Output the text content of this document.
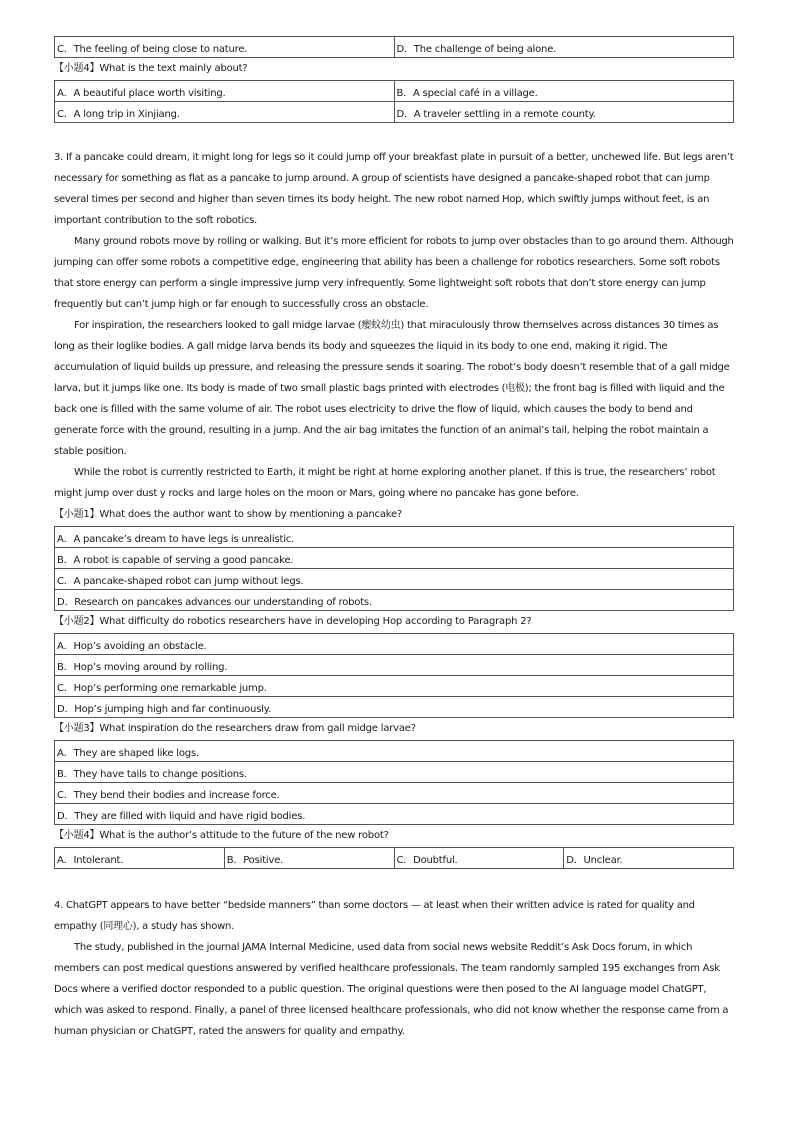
C．The feeling of being close to nature.	D．The challenge of being alone.
【小题4】What is the text mainly about?
A．A beautiful place worth visiting.	B．A special café in a village.
C．A long trip in Xinjiang.	D．A traveler settling in a remote county.

3. If a pancake could dream, it might long for legs so it could jump off your breakfast plate in pursuit of a better, unchewed life. But legs aren’t necessary for something as flat as a pancake to jump around. A group of scientists have designed a pancake-shaped robot that can jump several times per second and higher than seven times its body height. The new robot named Hop, which swiftly jumps without feet, is an important contribution to the soft robotics.

Many ground robots move by rolling or walking. But it’s more efficient for robots to jump over obstacles than to go around them. Although jumping can offer some robots a competitive edge, engineering that ability has been a challenge for robotics researchers. Some soft robots that store energy can perform a single impressive jump very infrequently. Some lightweight soft robots that don’t store energy can jump frequently but can’t jump high or far enough to successfully cross an obstacle.

For inspiration, the researchers looked to gall midge larvae (瘿蚊幼虫) that miraculously throw themselves across distances 30 times as long as their loglike bodies. A gall midge larva bends its body and squeezes the liquid in its body to one end, making it rigid. The accumulation of liquid builds up pressure, and releasing the pressure sends it soaring. The robot’s body doesn’t resemble that of a gall midge larva, but it jumps like one. Its body is made of two small plastic bags printed with electrodes (电极); the front bag is filled with liquid and the back one is filled with the same volume of air. The robot uses electricity to drive the flow of liquid, which causes the body to bend and generate force with the ground, resulting in a jump. And the air bag imitates the function of an animal’s tail, helping the robot maintain a stable position.

While the robot is currently restricted to Earth, it might be right at home exploring another planet. If this is true, the researchers’ robot might jump over dust y rocks and large holes on the moon or Mars, going where no pancake has gone before.

【小题1】What does the author want to show by mentioning a pancake?
A．A pancake’s dream to have legs is unrealistic.
B．A robot is capable of serving a good pancake.
C．A pancake-shaped robot can jump without legs.
D．Research on pancakes advances our understanding of robots.
【小题2】What difficulty do robotics researchers have in developing Hop according to Paragraph 2?
A．Hop’s avoiding an obstacle.
B．Hop’s moving around by rolling.
C．Hop’s performing one remarkable jump.
D．Hop’s jumping high and far continuously.
【小题3】What inspiration do the researchers draw from gall midge larvae?
A．They are shaped like logs.
B．They have tails to change positions.
C．They bend their bodies and increase force.
D．They are filled with liquid and have rigid bodies.
【小题4】What is the author’s attitude to the future of the new robot?
A．Intolerant.	B．Positive.	C．Doubtful.	D．Unclear.

4. ChatGPT appears to have better “bedside manners” than some doctors — at least when their written advice is rated for quality and empathy (同理心), a study has shown.

The study, published in the journal JAMA Internal Medicine, used data from social news website Reddit’s Ask Docs forum, in which members can post medical questions answered by verified healthcare professionals. The team randomly sampled 195 exchanges from Ask Docs where a verified doctor responded to a public question. The original questions were then posed to the AI language model ChatGPT, which was asked to respond. Finally, a panel of three licensed healthcare professionals, who did not know whether the response came from a human physician or ChatGPT, rated the answers for quality and empathy.
